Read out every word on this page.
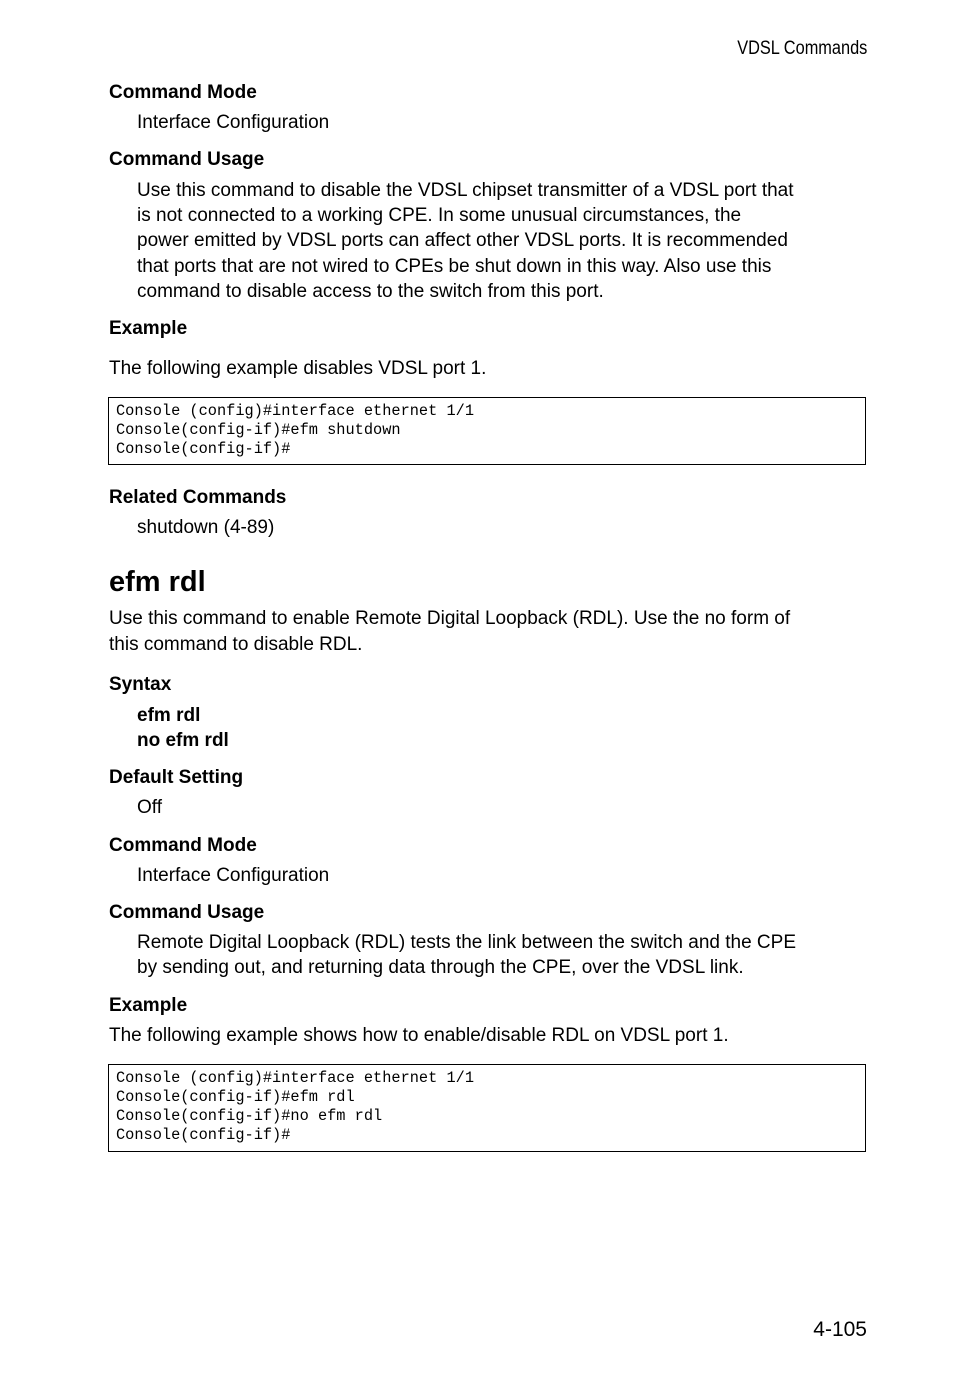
VDSL Commands
Command Mode
Interface Configuration
Command Usage
Use this command to disable the VDSL chipset transmitter of a VDSL port that
is not connected to a working CPE. In some unusual circumstances, the
power emitted by VDSL ports can affect other VDSL ports. It is recommended
that ports that are not wired to CPEs be shut down in this way. Also use this
command to disable access to the switch from this port.
Example
The following example disables VDSL port 1.
Console (config)#interface ethernet 1/1
Console(config-if)#efm shutdown
Console(config-if)#
Related Commands
shutdown (4-89)
efm rdl
Use this command to enable Remote Digital Loopback (RDL). Use the no form of
this command to disable RDL.
Syntax
efm rdl
no efm rdl
Default Setting
Off
Command Mode
Interface Configuration
Command Usage
Remote Digital Loopback (RDL) tests the link between the switch and the CPE
by sending out, and returning data through the CPE, over the VDSL link.
Example
The following example shows how to enable/disable RDL on VDSL port 1.
Console (config)#interface ethernet 1/1
Console(config-if)#efm rdl
Console(config-if)#no efm rdl
Console(config-if)#
4-105
